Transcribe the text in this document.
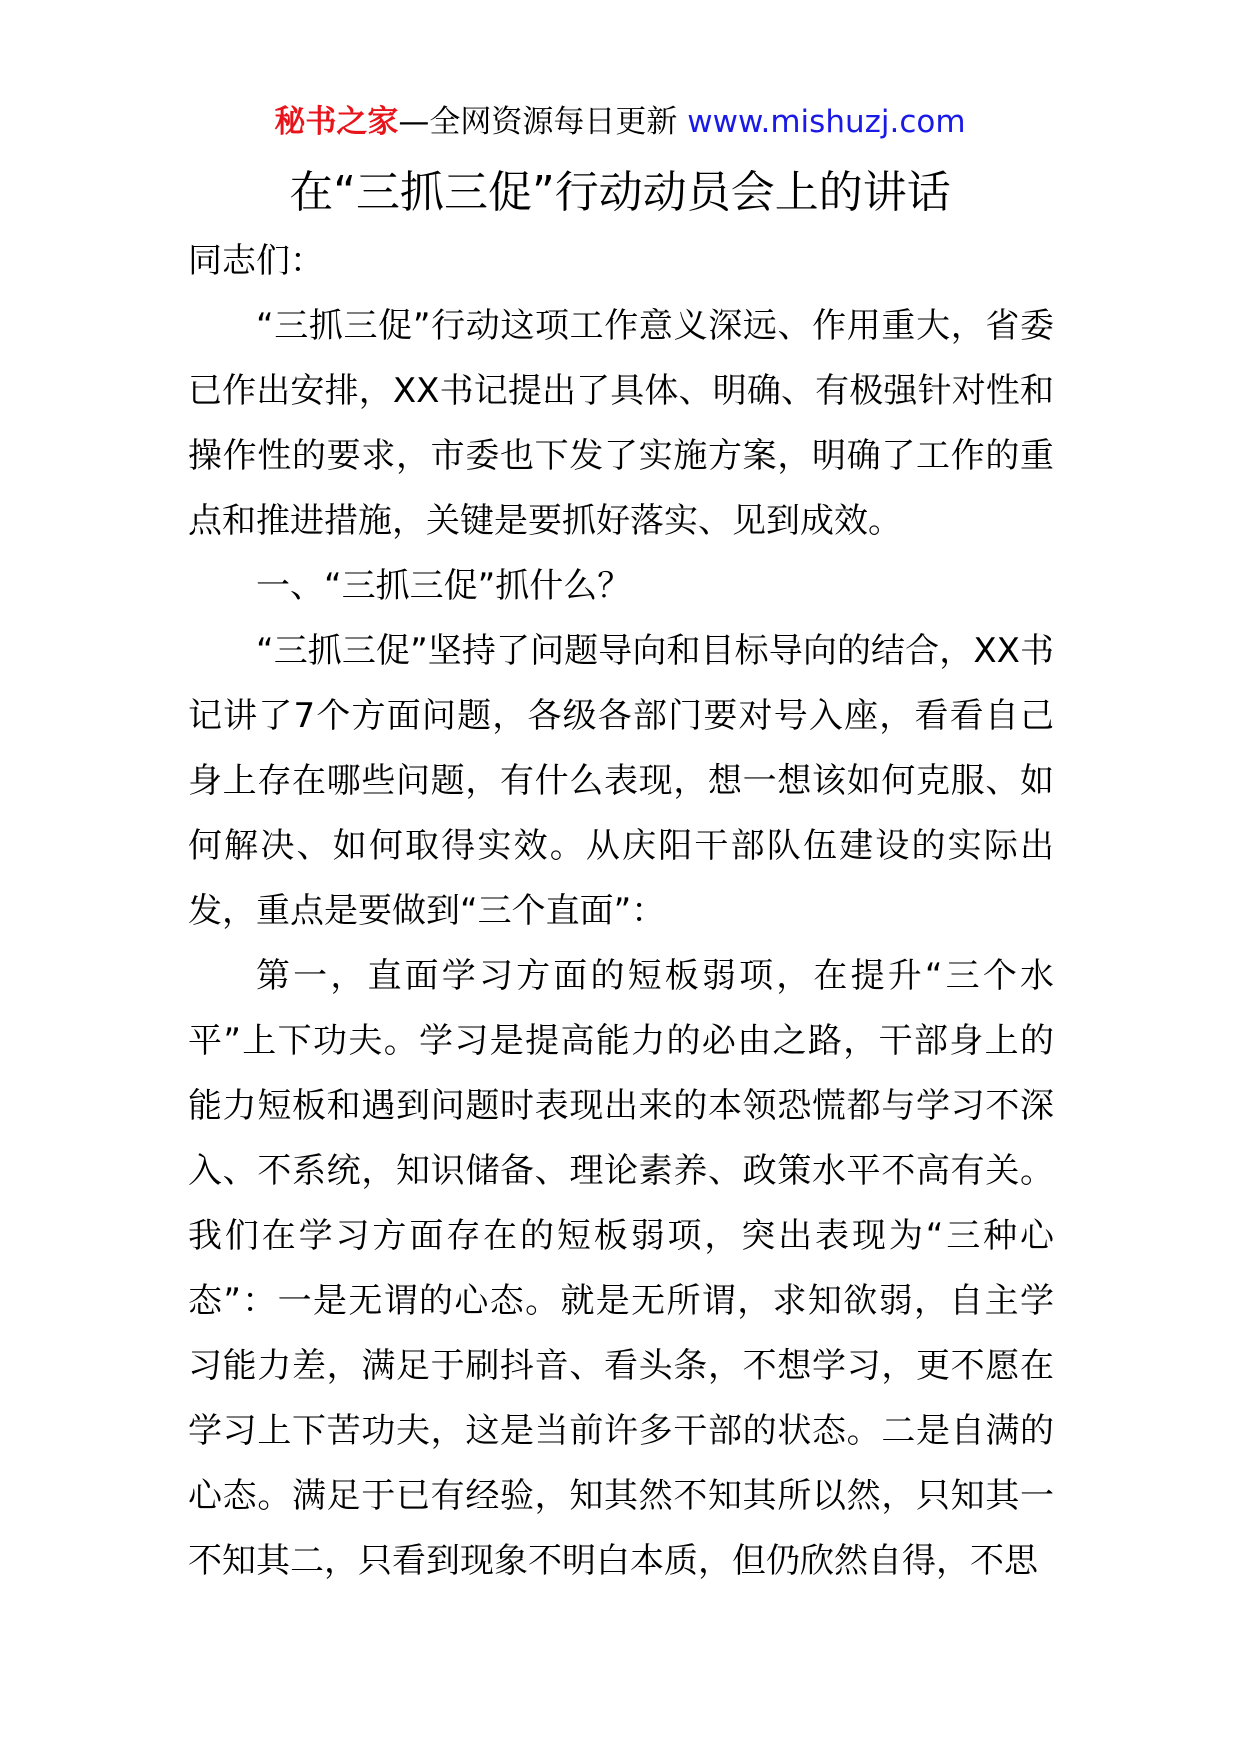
秘书之家—全网资源每日更新 www.mishuzj.com
在“三抓三促”行动动员会上的讲话

同志们：

“三抓三促”行动这项工作意义深远、作用重大，省委已作出安排，XX书记提出了具体、明确、有极强针对性和操作性的要求，市委也下发了实施方案，明确了工作的重点和推进措施，关键是要抓好落实、见到成效。

一、“三抓三促”抓什么？

“三抓三促”坚持了问题导向和目标导向的结合，XX书记讲了7个方面问题，各级各部门要对号入座，看看自己身上存在哪些问题，有什么表现，想一想该如何克服、如何解决、如何取得实效。从庆阳干部队伍建设的实际出发，重点是要做到“三个直面”：

第一，直面学习方面的短板弱项，在提升“三个水平”上下功夫。学习是提高能力的必由之路，干部身上的能力短板和遇到问题时表现出来的本领恐慌都与学习不深入、不系统，知识储备、理论素养、政策水平不高有关。我们在学习方面存在的短板弱项，突出表现为“三种心态”：一是无谓的心态。就是无所谓，求知欲弱，自主学习能力差，满足于刷抖音、看头条，不想学习，更不愿在学习上下苦功夫，这是当前许多干部的状态。二是自满的心态。满足于已有经验，知其然不知其所以然，只知其一不知其二，只看到现象不明白本质，但仍欣然自得，不思
